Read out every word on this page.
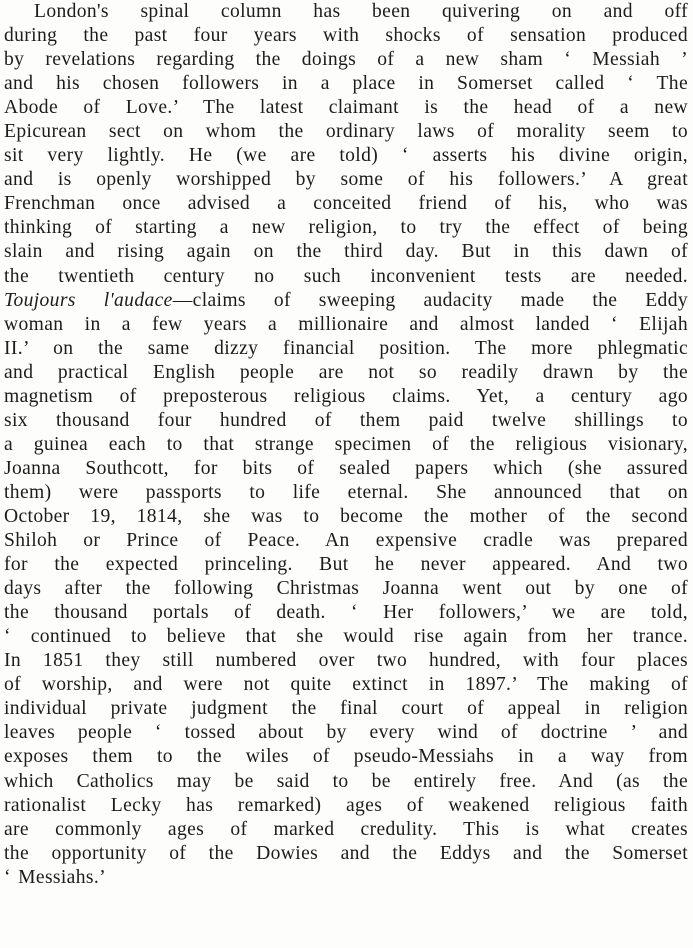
London's spinal column has been quivering on and off
during the past four years with shocks of sensation produced
by revelations regarding the doings of a new sham ‘ Messiah ’
and his chosen followers in a place in Somerset called ‘ The
Abode of Love.’ The latest claimant is the head of a new
Epicurean sect on whom the ordinary laws of morality seem to
sit very lightly. He (we are told) ‘ asserts his divine origin,
and is openly worshipped by some of his followers.’ A great
Frenchman once advised a conceited friend of his, who was
thinking of starting a new religion, to try the effect of being
slain and rising again on the third day. But in this dawn of
the twentieth century no such inconvenient tests are needed.
Toujours l'audace—claims of sweeping audacity made the Eddy
woman in a few years a millionaire and almost landed ‘ Elijah
II.’ on the same dizzy financial position. The more phlegmatic
and practical English people are not so readily drawn by the
magnetism of preposterous religious claims. Yet, a century ago
six thousand four hundred of them paid twelve shillings to
a guinea each to that strange specimen of the religious visionary,
Joanna Southcott, for bits of sealed papers which (she assured
them) were passports to life eternal. She announced that on
October 19, 1814, she was to become the mother of the second
Shiloh or Prince of Peace. An expensive cradle was prepared
for the expected princeling. But he never appeared. And two
days after the following Christmas Joanna went out by one of
the thousand portals of death. ‘ Her followers,’ we are told,
‘ continued to believe that she would rise again from her trance.
In 1851 they still numbered over two hundred, with four places
of worship, and were not quite extinct in 1897.’ The making of
individual private judgment the final court of appeal in religion
leaves people ‘ tossed about by every wind of doctrine ’ and
exposes them to the wiles of pseudo-Messiahs in a way from
which Catholics may be said to be entirely free. And (as the
rationalist Lecky has remarked) ages of weakened religious faith
are commonly ages of marked credulity. This is what creates
the opportunity of the Dowies and the Eddys and the Somerset
‘ Messiahs.’
